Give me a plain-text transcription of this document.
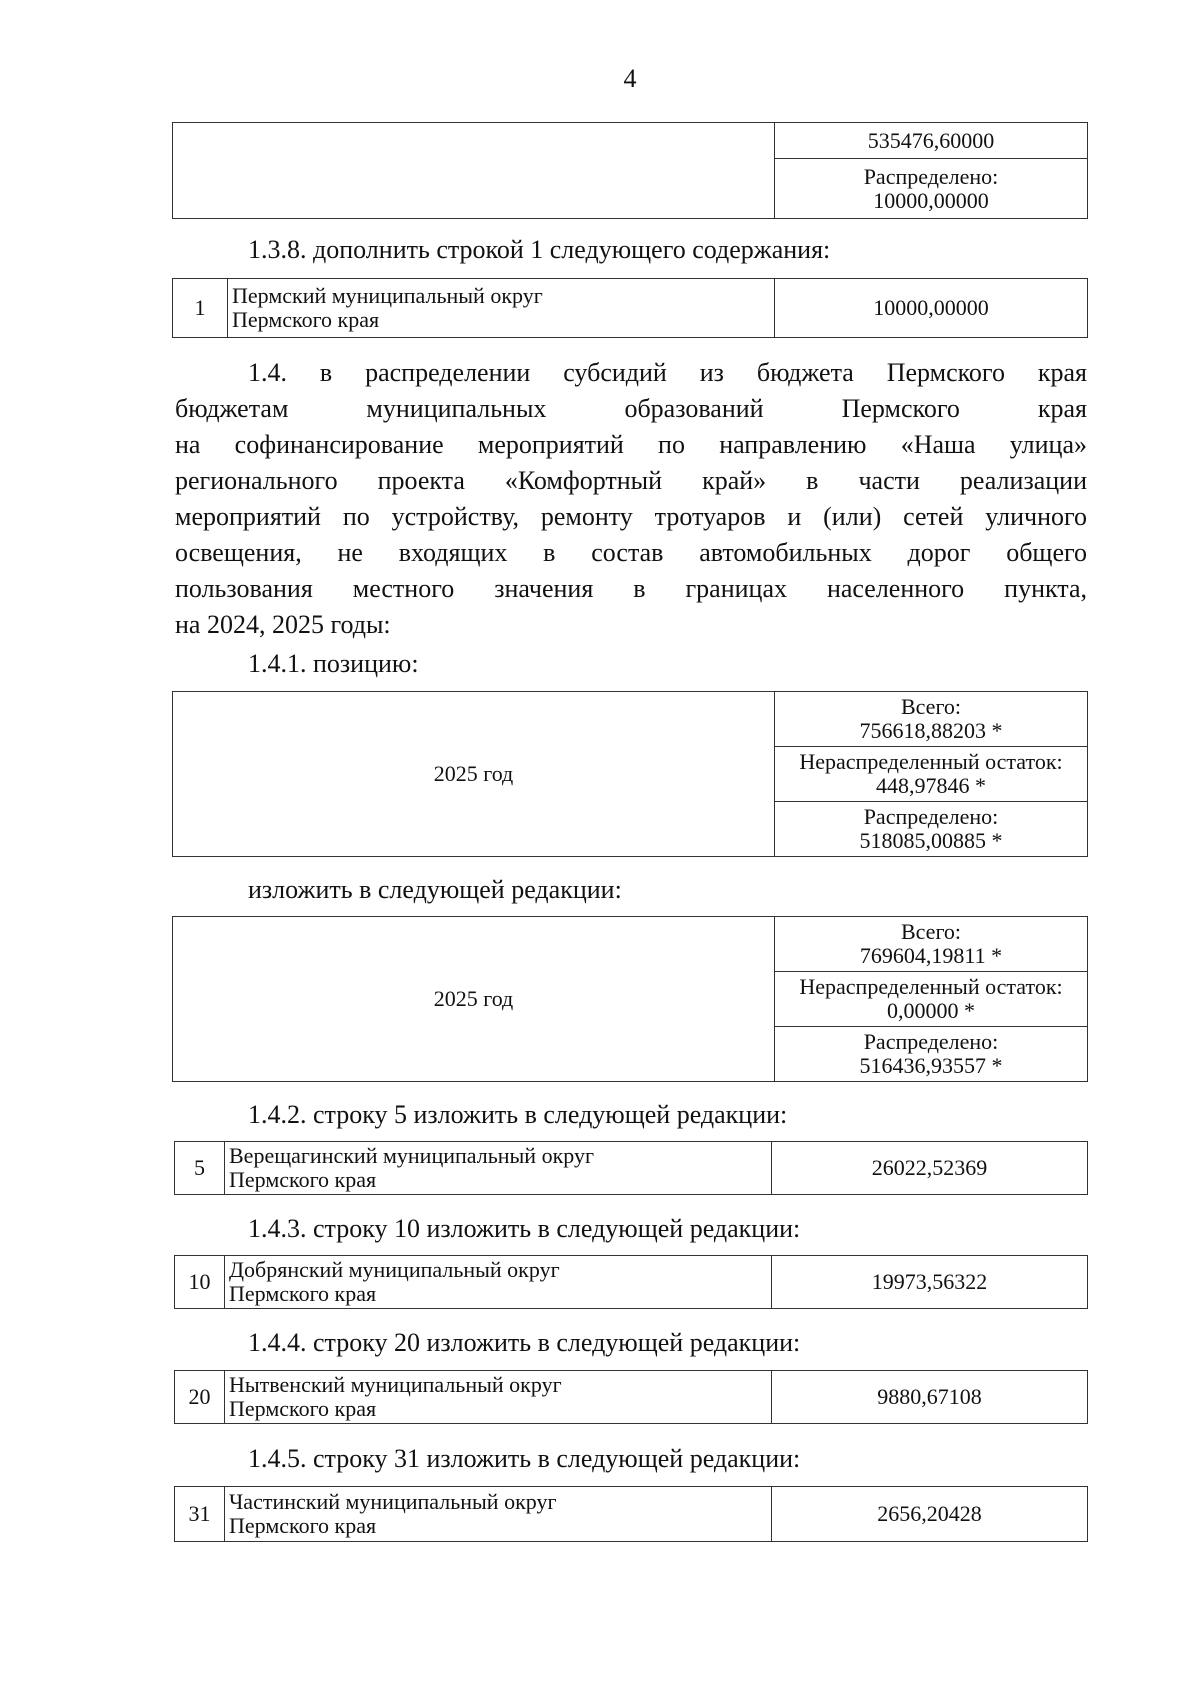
4
	535476,60000

Распределено:
10000,00000
1.3.8. дополнить строкой 1 следующего содержания:
1	Пермский муниципальный округ
Пермского края	10000,00000
1.4. в распределении субсидий из бюджета Пермского края
бюджетам муниципальных образований Пермского края
на софинансирование мероприятий по направлению «Наша улица»
регионального проекта «Комфортный край» в части реализации
мероприятий по устройству, ремонту тротуаров и (или) сетей уличного
освещения, не входящих в состав автомобильных дорог общего
пользования местного значения в границах населенного пункта,
на 2024, 2025 годы:
1.4.1. позицию:
2025 год	
Всего:
756618,88203 *

Нераспределенный остаток:
448,97846 *

Распределено:
518085,00885 *
изложить в следующей редакции:
2025 год	
Всего:
769604,19811 *

Нераспределенный остаток:
0,00000 *

Распределено:
516436,93557 *
1.4.2. строку 5 изложить в следующей редакции:
5	Верещагинский муниципальный округ
Пермского края	26022,52369
1.4.3. строку 10 изложить в следующей редакции:
10	Добрянский муниципальный округ
Пермского края	19973,56322
1.4.4. строку 20 изложить в следующей редакции:
20	Нытвенский муниципальный округ
Пермского края	9880,67108
1.4.5. строку 31 изложить в следующей редакции:
31	Частинский муниципальный округ
Пермского края	2656,20428
